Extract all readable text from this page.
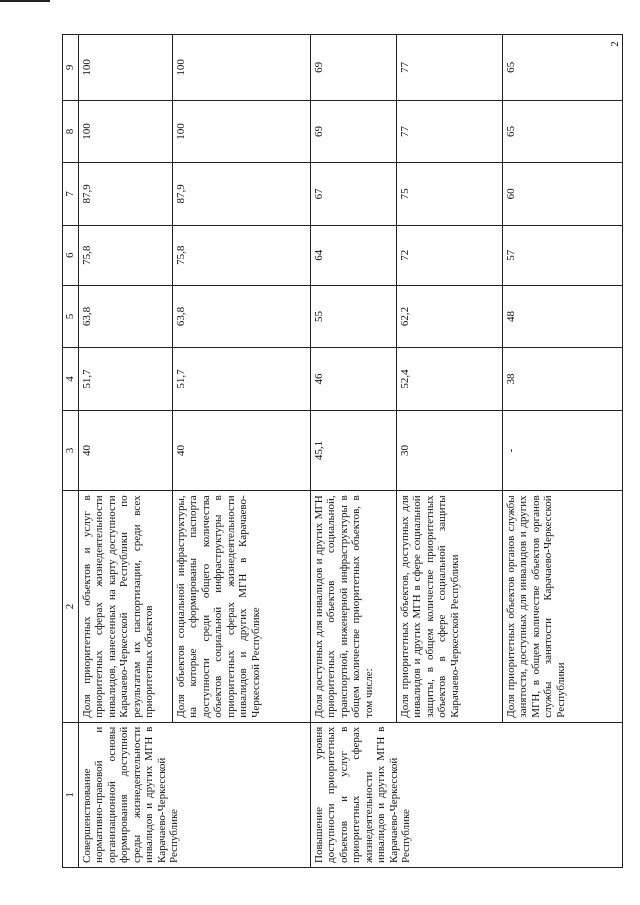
2
1	2	3	4	5	6	7	8	9
Совершенствование нормативно-правовой и организационной основы формирования доступной среды жизнедеятельности инвалидов и других МГН в Карачаево-Черкесской Республике	Доля приоритетных объектов и услуг в приоритетных сферах жизнедеятельности инвалидов, нанесенных на карту доступности Карачаево-Черкесской Республики по результатам их паспортизации, среди всех приоритетных объектов	40	51,7	63,8	75,8	87,9	100	100
	Доля объектов социальной инфраструктуры, на которые сформированы паспорта доступности среди общего количества объектов социальной инфраструктуры в приоритетных сферах жизнедеятельности инвалидов и других МГН в Карачаево-Черкесской Республике	40	51,7	63,8	75,8	87,9	100	100
Повышение уровня доступности приоритетных объектов и услуг в приоритетных сферах жизнедеятельности инвалидов и других МГН в Карачаево-Черкесской Республике	Доля доступных для инвалидов и других МГН приоритетных объектов социальной, транспортной, инженерной инфраструктуры в общем количестве приоритетных объектов, в том числе:	45,1	46	55	64	67	69	69
	Доля приоритетных объектов, доступных для инвалидов и других МГН в сфере социальной защиты, в общем количестве приоритетных объектов в сфере социальной защиты Карачаево-Черкесской Республики	30	52,4	62,2	72	75	77	77
	Доля приоритетных объектов органов службы занятости, доступных для инвалидов и других МГН, в общем количестве объектов органов службы занятости Карачаево-Черкесской Республики	-	38	48	57	60	65	65
